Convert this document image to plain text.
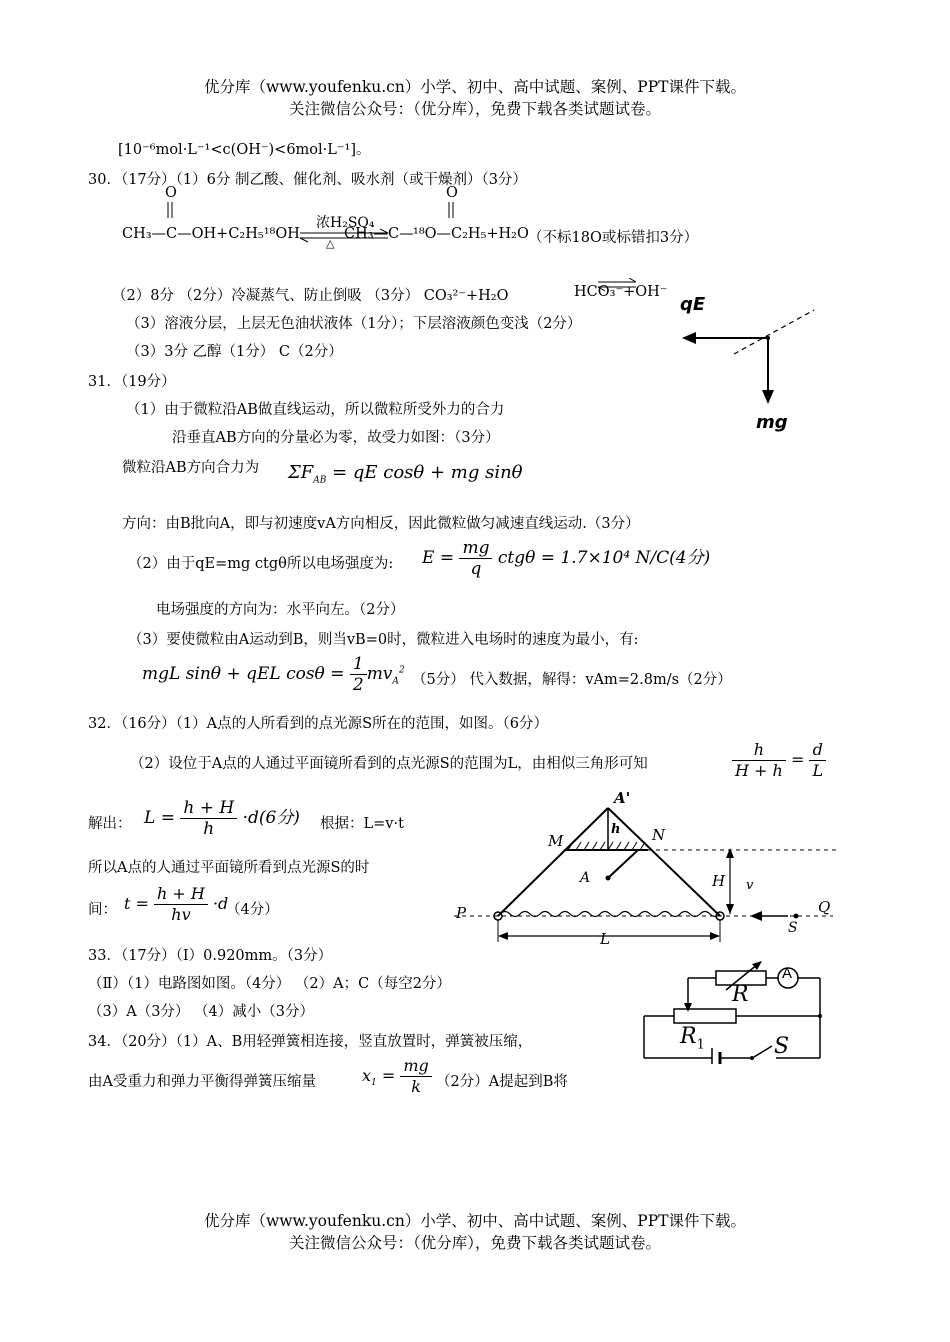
优分库（www.youfenku.cn）小学、初中、高中试题、案例、PPT课件下载。
关注微信公众号：（优分库），免费下载各类试题试卷。
[10⁻⁶mol·L⁻¹<c(OH⁻)<6mol·L⁻¹]。
30．（17分）（1）6分 制乙酸、催化剂、吸水剂（或干燥剂）（3分）
O	O
浓H₂SO₄
△
CH₃—C—OH+C₂H₅¹⁸OH	CH₃—C— ¹⁸O—C₂H₅+H₂O （不标18O或标错扣3分）
（2）8分 （2分）冷凝蒸气、防止倒吸 （3分） CO₃²⁻+H₂O	HCO₃⁻+OH⁻
（3）溶液分层，上层无色油状液体（1分）；下层溶液颜色变浅（2分）
（3）3分 乙醇（1分） C（2分）
qE
mg
31．（19分）
（1）由于微粒沿AB做直线运动，所以微粒所受外力的合力
沿垂直AB方向的分量必为零，故受力如图：（3分）
微粒沿AB方向合力为 $\Sigma F_{AB}$ = qE cosθ + mg sinθ
方向：由B批向A，即与初速度vA方向相反，因此微粒做匀减速直线运动.（3分）
（2）由于qE=mg ctgθ所以电场强度为: $E = \frac{mg}{q}$ ctgθ = 1.7×10⁴ N/C(4分)
电场强度的方向为：水平向左。（2分）
（3）要使微粒由A运动到B，则当vB=0时，微粒进入电场时的速度为最小，有:
mgL sinθ + qEL $\cos\theta = \frac{1}{2} mv_A^2$
（5分） 代入数据，解得：vAm=2.8m/s（2分）
32．（16分）（1）A点的人所看到的点光源S所在的范围，如图。（6分）
（2）设位于A点的人通过平面镜所看到的点光源S的范围为L，由相似三角形可知	$\frac{h}{H + h} = \frac{d}{L}$
解出： $L = \frac{h + H}{h} \cdot d(6$分) 根据：L=v·t
所以A点的人通过平面镜所看到点光源S的时
间： $t = \frac{h + H}{hv} \cdot d$
（4分）
A'
M	N
h
A	H v
P	Q
S
L
33．（17分）（Ⅰ）0.920mm。（3分）
（Ⅱ）（1）电路图如图。（4分） （2）A；C（每空2分）
（3）A（3分） （4）减小（3分）
R
A
$R_1$	S
34．（20分）（1）A、B用轻弹簧相连接，竖直放置时，弹簧被压缩，
由A受重力和弹力平衡得弹簧压缩量	$x_1 = \frac{mg}{k} (2$分）A提起到B将
优分库（www.youfenku.cn）小学、初中、高中试题、案例、PPT课件下载。
关注微信公众号：（优分库），免费下载各类试题试卷。
